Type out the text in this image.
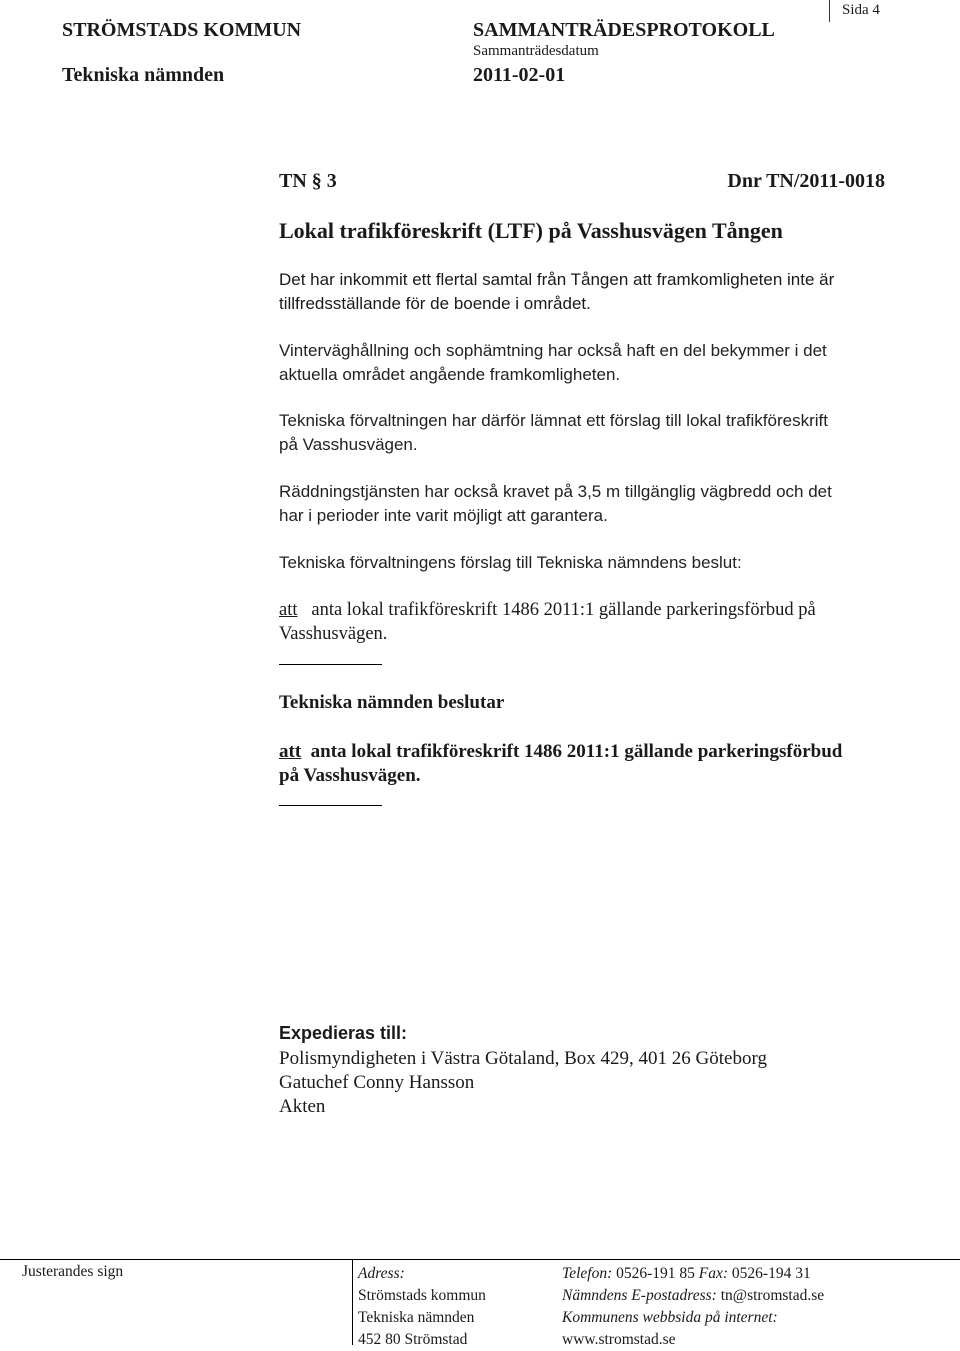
Sida 4
STRÖMSTADS KOMMUN	SAMMANTRÄDESPROTOKOLL
Sammanträdesdatum
Tekniska nämnden	2011-02-01
TN § 3	Dnr TN/2011-0018
Lokal trafikföreskrift (LTF) på Vasshusvägen Tången

Det har inkommit ett flertal samtal från Tången att framkomligheten inte är
tillfredsställande för de boende i området.

Vinterväghållning och sophämtning har också haft en del bekymmer i det
aktuella området angående framkomligheten.

Tekniska förvaltningen har därför lämnat ett förslag till lokal trafikföreskrift
på Vasshusvägen.

Räddningstjänsten har också kravet på 3,5 m tillgänglig vägbredd och det
har i perioder inte varit möjligt att garantera.

Tekniska förvaltningens förslag till Tekniska nämndens beslut:

att anta lokal trafikföreskrift 1486 2011:1 gällande parkeringsförbud på
Vasshusvägen.

Tekniska nämnden beslutar

att anta lokal trafikföreskrift 1486 2011:1 gällande parkeringsförbud
på Vasshusvägen.

Expedieras till:
Polismyndigheten i Västra Götaland, Box 429, 401 26 Göteborg
Gatuchef Conny Hansson
Akten
Justerandes sign	Adress:
Strömstads kommun
Tekniska nämnden
452 80 Strömstad
Telefon: 0526-191 85 Fax: 0526-194 31
Nämndens E-postadress: tn@stromstad.se
Kommunens webbsida på internet:
www.stromstad.se
